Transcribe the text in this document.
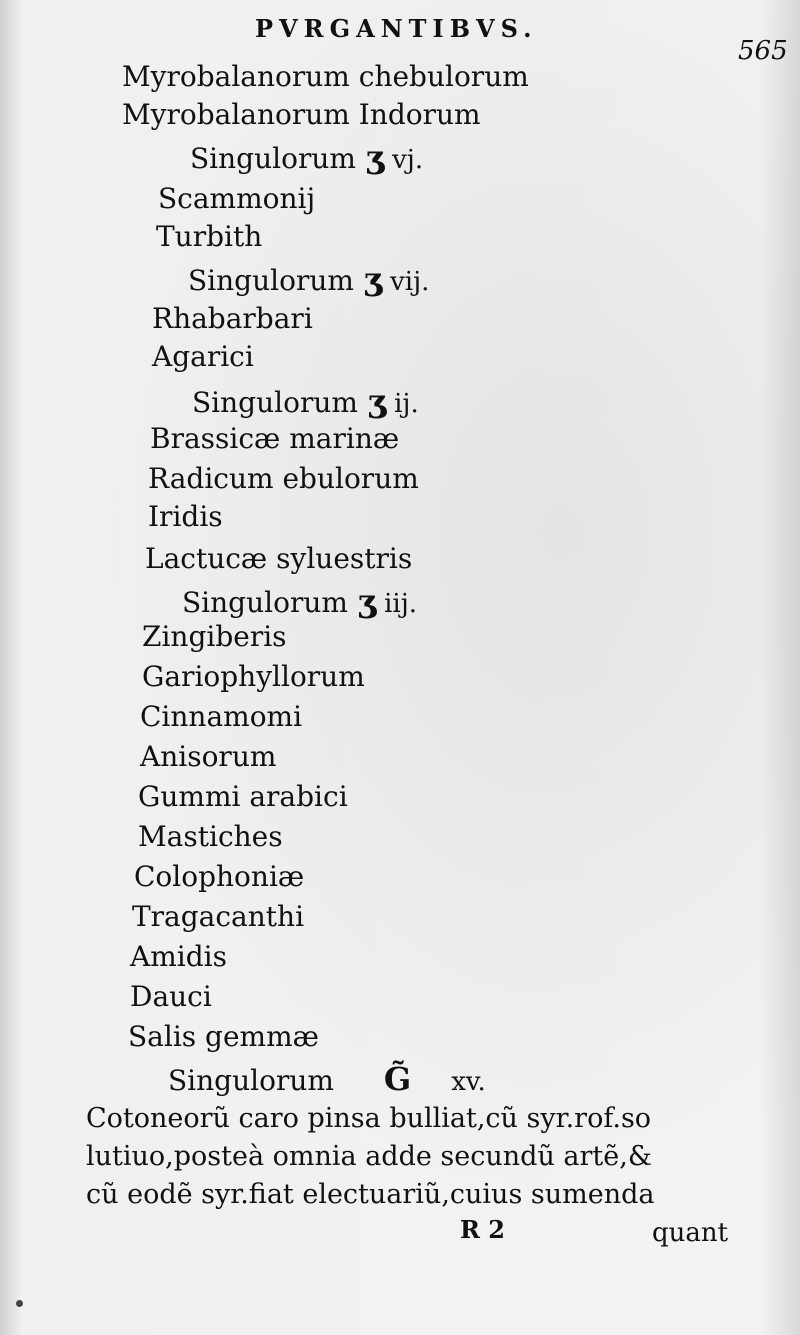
PVRGANTIBVS.
565
Myrobalanorum chebulorum
Myrobalanorum Indorum
Singulorum ʒ vj.
Scammonij
Turbith
Singulorum ʒ vij.
Rhabarbari
Agarici
Singulorum ʒ ij.
Brassicæ marinæ
Radicum ebulorum
Iridis
Lactucæ syluestris
Singulorum ʒ iij.
Zingiberis
Gariophyllorum
Cinnamomi
Anisorum
Gummi arabici
Mastiches
Colophoniæ
Tragacanthi
Amidis
Dauci
Salis gemmæ
Singulorum G̃ xv.
Cotoneorũ caro pinsa bulliat,cũ syr.rof.so
lutiuo,posteà omnia adde secundũ artẽ,&
cũ eodẽ syr.fiat electuariũ,cuius sumenda
R 2	quant
